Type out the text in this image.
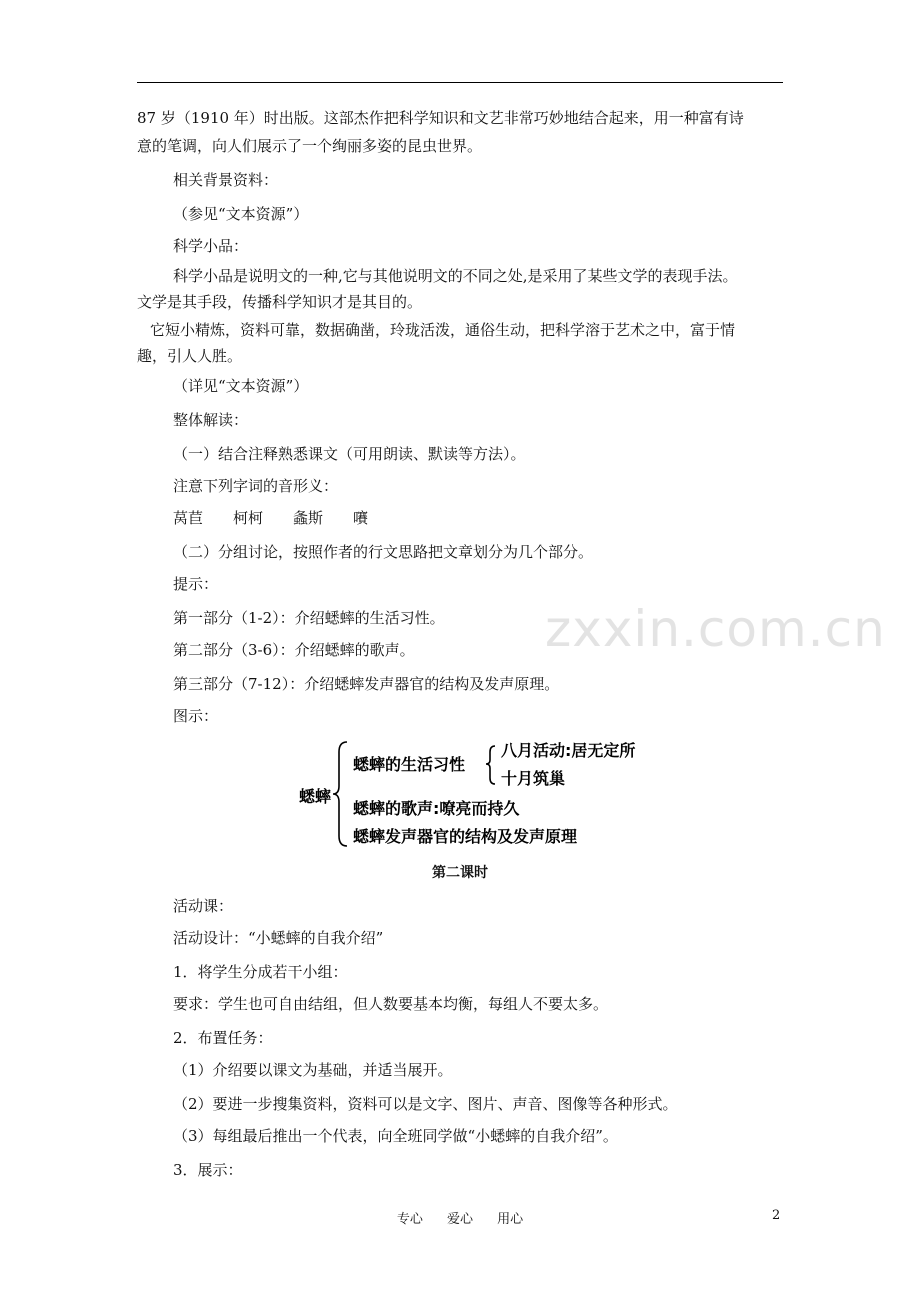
87 岁（1910 年）时出版。这部杰作把科学知识和文艺非常巧妙地结合起来，用一种富有诗
意的笔调，向人们展示了一个绚丽多姿的昆虫世界。
相关背景资料：
（参见“文本资源”）
科学小品：
科学小品是说明文的一种,它与其他说明文的不同之处,是采用了某些文学的表现手法。
文学是其手段，传播科学知识才是其目的。
它短小精炼，资料可靠，数据确凿，玲珑活泼，通俗生动，把科学溶于艺术之中，富于情
趣，引人人胜。
（详见“文本资源”）
整体解读：
（一）结合注释熟悉课文（可用朗读、默读等方法）。
注意下列字词的音形义：
莴苣 柯柯 螽斯 㘔
（二）分组讨论，按照作者的行文思路把文章划分为几个部分。
提示：
第一部分（1-2）：介绍蟋蟀的生活习性。
第二部分（3-6）：介绍蟋蟀的歌声。
第三部分（7-12）：介绍蟋蟀发声器官的结构及发声原理。
图示：
zxxin.com.cn
蟋蟀
蟋蟀的生活习性
八月活动:居无定所
十月筑巢
蟋蟀的歌声:嘹亮而持久
蟋蟀发声器官的结构及发声原理
第二课时
活动课：
活动设计：“小蟋蟀的自我介绍”
1．将学生分成若干小组：
要求：学生也可自由结组，但人数要基本均衡，每组人不要太多。
2．布置任务：
（1）介绍要以课文为基础，并适当展开。
（2）要进一步搜集资料，资料可以是文字、图片、声音、图像等各种形式。
（3）每组最后推出一个代表，向全班同学做“小蟋蟀的自我介绍”。
3．展示：
专心 爱心 用心	2
